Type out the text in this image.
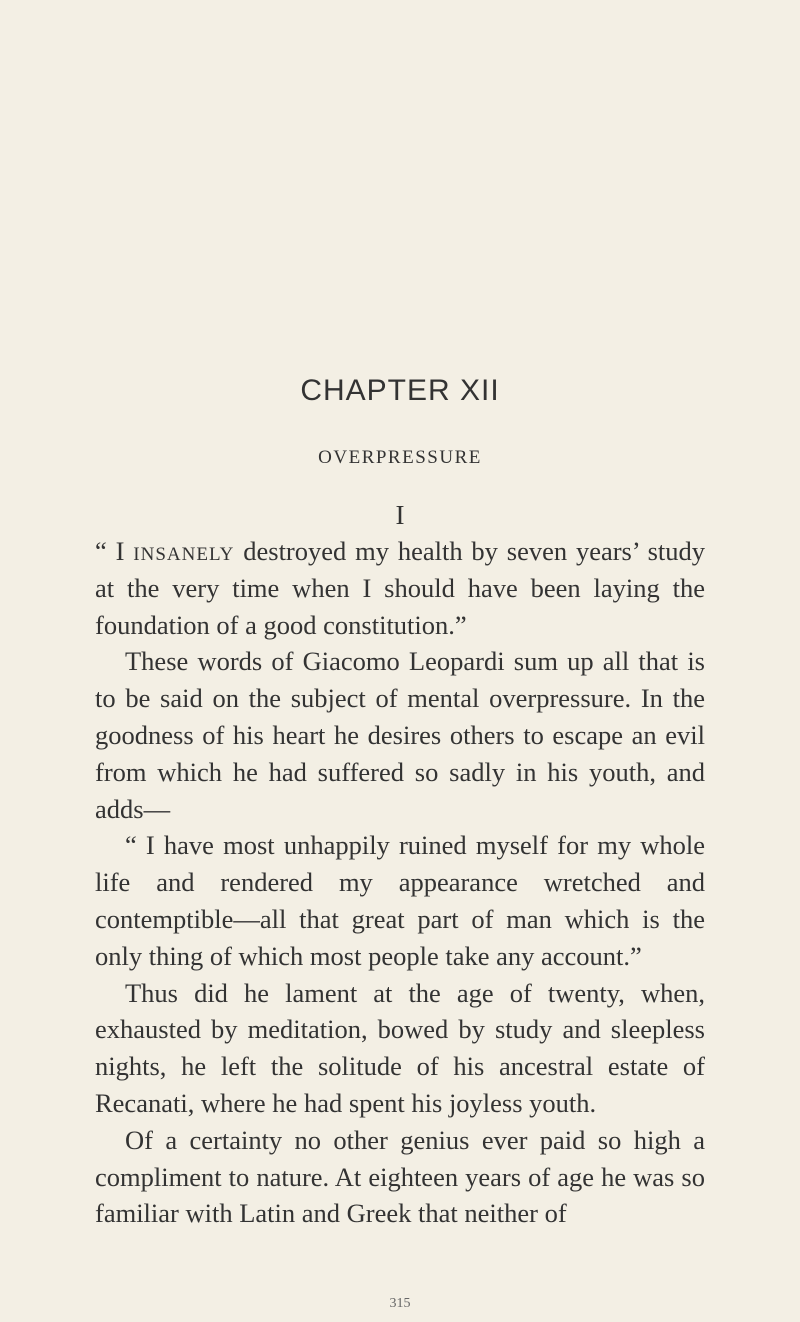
CHAPTER XII
OVERPRESSURE
I

“ I insanely destroyed my health by seven years’ study at the very time when I should have been laying the foundation of a good constitution.”

These words of Giacomo Leopardi sum up all that is to be said on the subject of mental overpressure. In the goodness of his heart he desires others to escape an evil from which he had suffered so sadly in his youth, and adds—

“ I have most unhappily ruined myself for my whole life and rendered my appearance wretched and contemptible—all that great part of man which is the only thing of which most people take any account.”

Thus did he lament at the age of twenty, when, exhausted by meditation, bowed by study and sleepless nights, he left the solitude of his ancestral estate of Recanati, where he had spent his joyless youth.

Of a certainty no other genius ever paid so high a compliment to nature. At eighteen years of age he was so familiar with Latin and Greek that neither of

315
